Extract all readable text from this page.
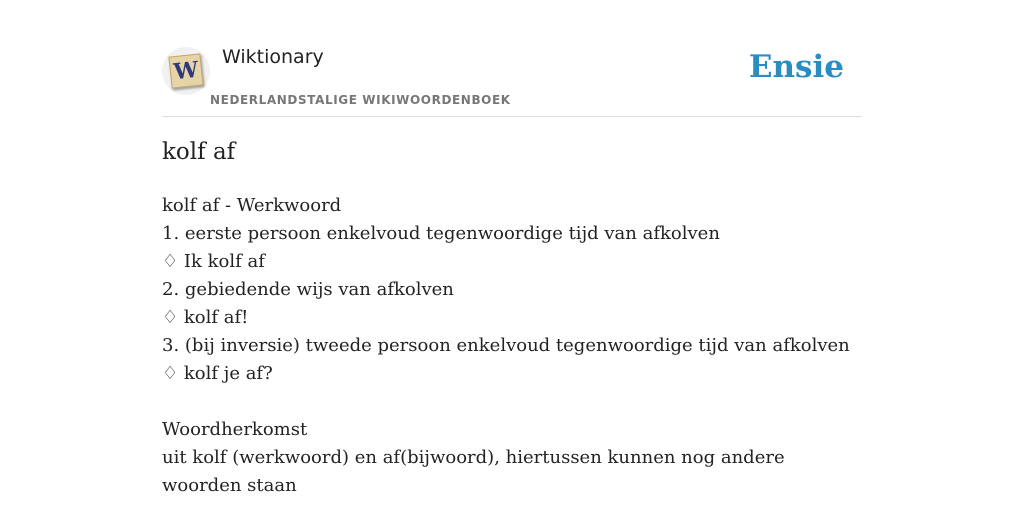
W Wiktionary
NEDERLANDSTALIGE WIKIWOORDENBOEK
Ensie
kolf af
kolf af - Werkwoord
1. eerste persoon enkelvoud tegenwoordige tijd van afkolven
♢ Ik kolf af
2. gebiedende wijs van afkolven
♢ kolf af!
3. (bij inversie) tweede persoon enkelvoud tegenwoordige tijd van afkolven
♢ kolf je af?
Woordherkomst
uit kolf (werkwoord) en af(bijwoord), hiertussen kunnen nog andere woorden staan
